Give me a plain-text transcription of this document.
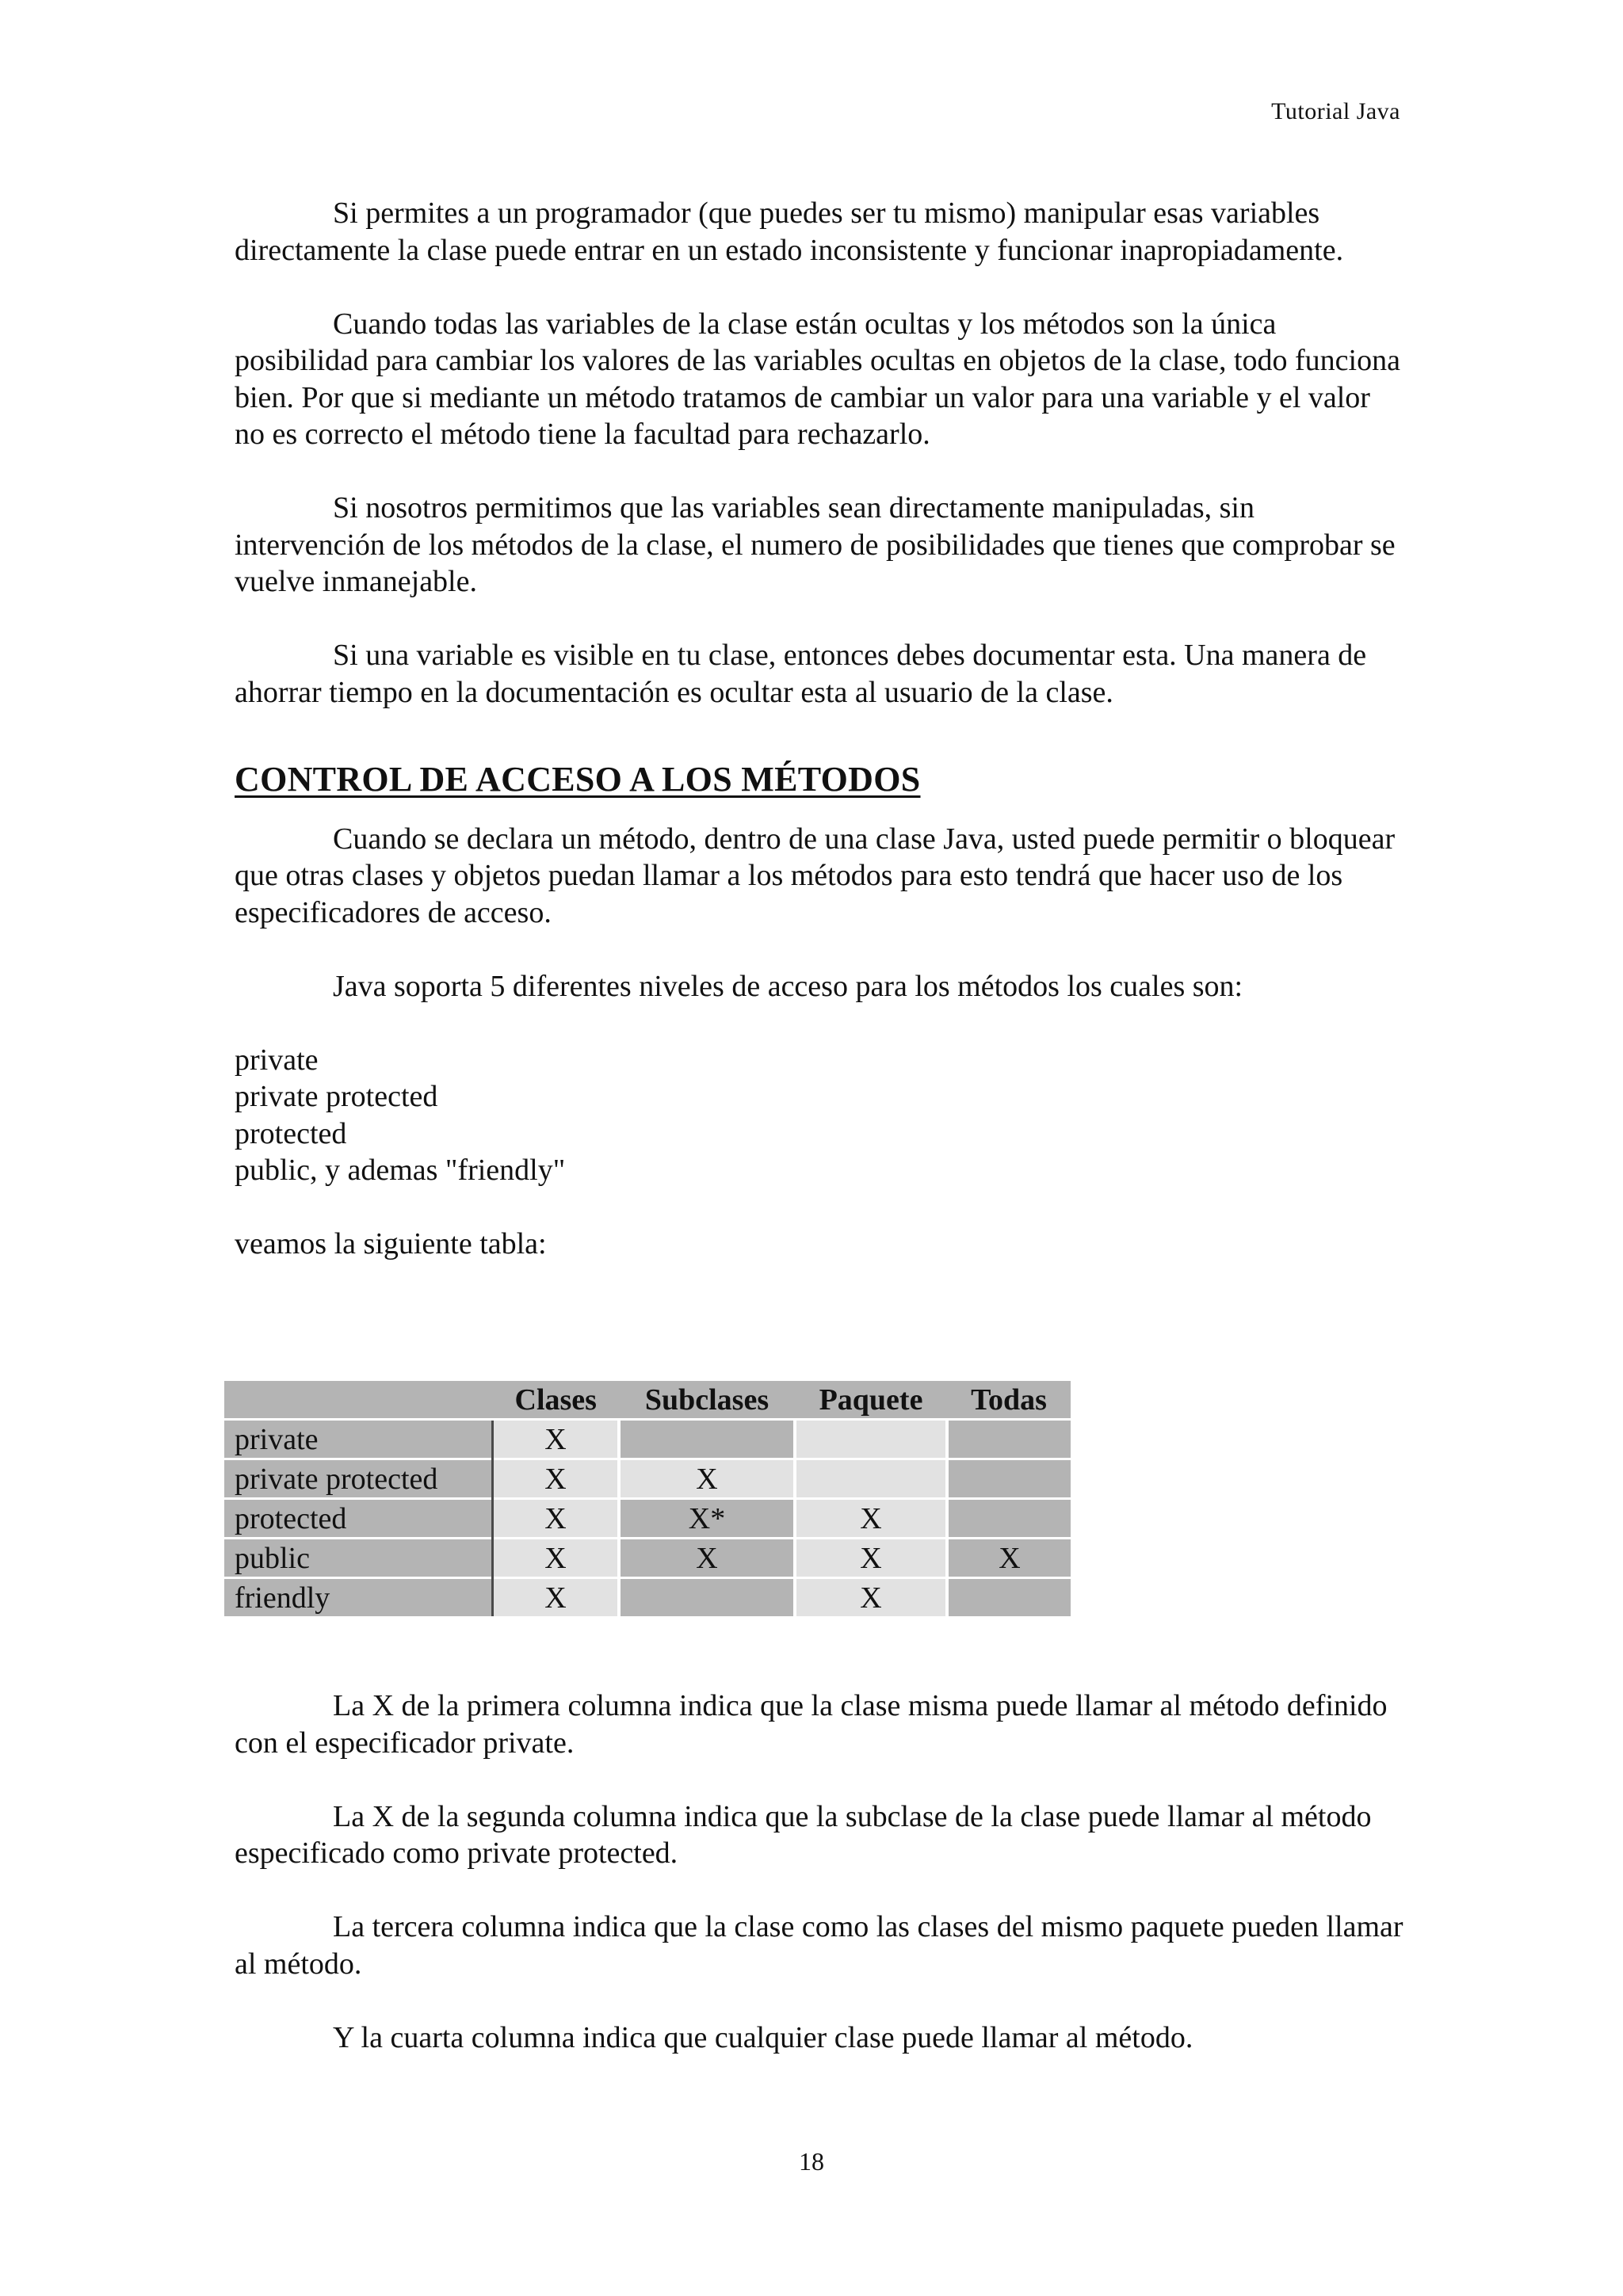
Tutorial Java

Si permites a un programador (que puedes ser tu mismo) manipular esas variables directamente la clase puede entrar en un estado inconsistente y funcionar inapropiadamente.

Cuando todas las variables de la clase están ocultas y los métodos son la única posibilidad para cambiar los valores de las variables ocultas en objetos de la clase, todo funciona bien. Por que si mediante un método tratamos de cambiar un valor para una variable y el valor no es correcto el método tiene la facultad para rechazarlo.

Si nosotros permitimos que las variables sean directamente manipuladas, sin intervención de los métodos de la clase, el numero de posibilidades que tienes que comprobar se vuelve inmanejable.

Si una variable es visible en tu clase, entonces debes documentar esta. Una manera de ahorrar tiempo en la documentación es ocultar esta al usuario de la clase.

CONTROL DE ACCESO A LOS MÉTODOS

Cuando se declara un método, dentro de una clase Java, usted puede permitir o bloquear que otras clases y objetos puedan llamar a los métodos para esto tendrá que hacer uso de los especificadores de acceso.

Java soporta 5 diferentes niveles de acceso para los métodos los cuales son:

private
private protected
protected
public, y ademas "friendly"

veamos la siguiente tabla:

	Clases	Subclases	Paquete	Todas
private	X			
private protected	X	X		
protected	X	X*	X	
public	X	X	X	X
friendly	X		X	

La X de la primera columna indica que la clase misma puede llamar al método definido con el especificador private.

La X de la segunda columna indica que la subclase de la clase puede llamar al método especificado como private protected.

La tercera columna indica que la clase como las clases del mismo paquete pueden llamar al método.

Y la cuarta columna indica que cualquier clase puede llamar al método.

18
